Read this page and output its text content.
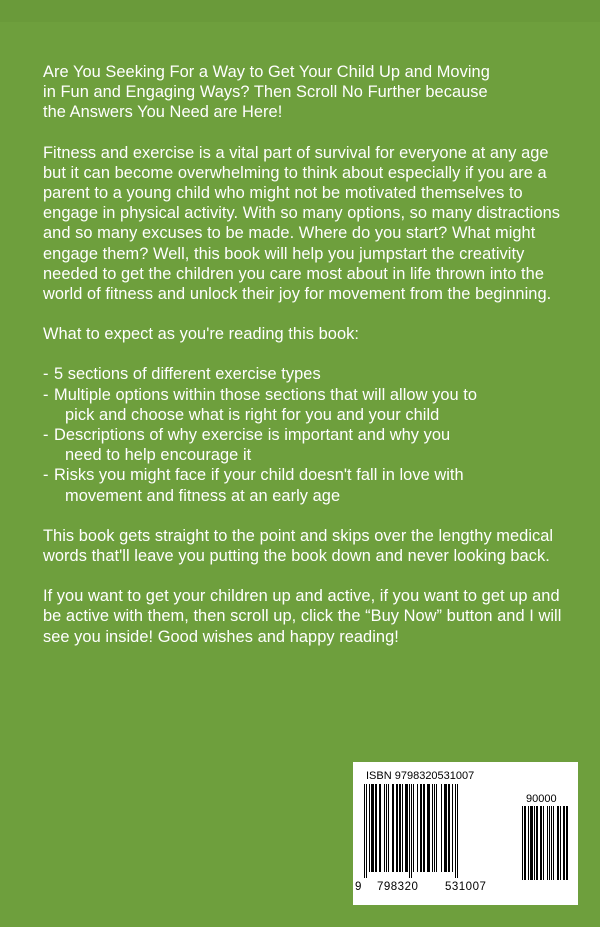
Are You Seeking For a Way to Get Your Child Up and Moving
in Fun and Engaging Ways? Then Scroll No Further because
the Answers You Need are Here!

Fitness and exercise is a vital part of survival for everyone at any age but it can become overwhelming to think about especially if you are a parent to a young child who might not be motivated themselves to engage in physical activity. With so many options, so many distractions and so many excuses to be made. Where do you start? What might engage them? Well, this book will help you jumpstart the creativity needed to get the children you care most about in life thrown into the world of fitness and unlock their joy for movement from the beginning.

What to expect as you're reading this book:

- 5 sections of different exercise types
- Multiple options within those sections that will allow you to
pick and choose what is right for you and your child
- Descriptions of why exercise is important and why you
need to help encourage it
- Risks you might face if your child doesn't fall in love with
movement and fitness at an early age

This book gets straight to the point and skips over the lengthy medical words that'll leave you putting the book down and never looking back.

If you want to get your children up and active, if you want to get up and be active with them, then scroll up, click the “Buy Now” button and I will see you inside! Good wishes and happy reading!

ISBN 9798320531007
90000
9 798320 531007
